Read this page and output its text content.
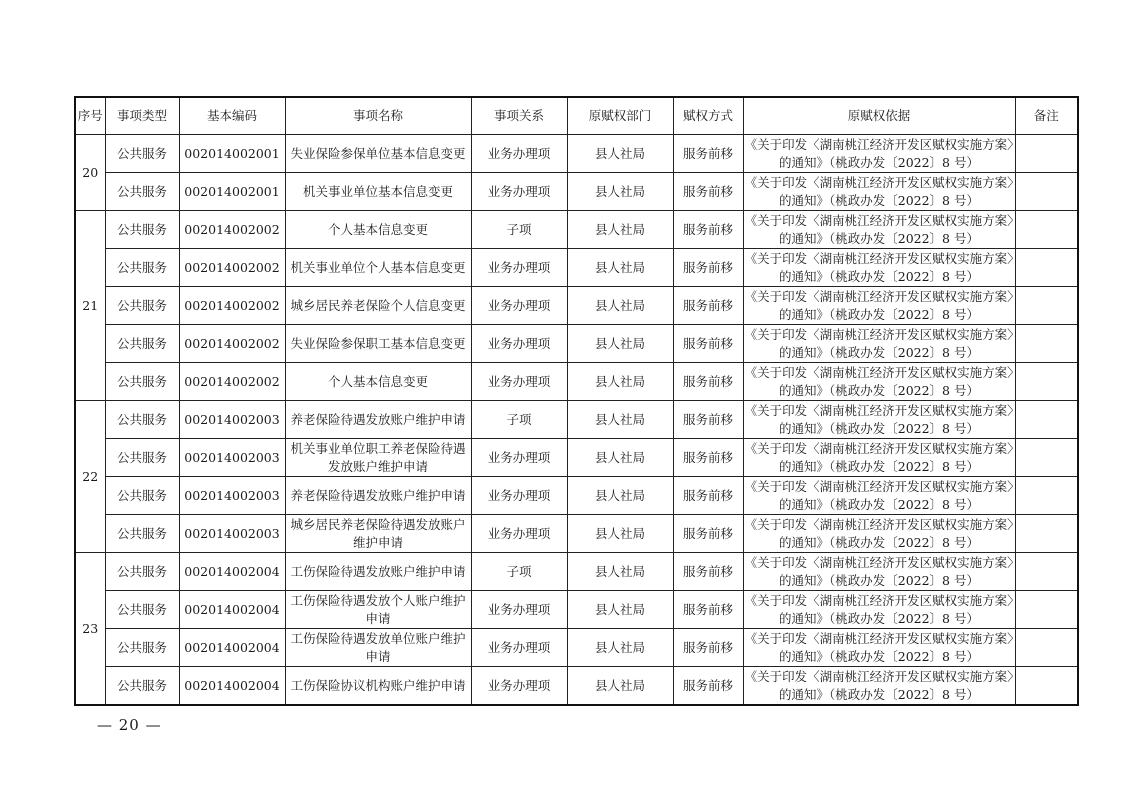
序号	事项类型	基本编码	事项名称	事项关系	原赋权部门	赋权方式	原赋权依据	备注
20	公共服务	002014002001	失业保险参保单位基本信息变更	业务办理项	县人社局	服务前移	《关于印发〈湖南桃江经济开发区赋权实施方案〉的通知》（桃政办发〔2022〕8 号）	
	公共服务	002014002001	机关事业单位基本信息变更	业务办理项	县人社局	服务前移	《关于印发〈湖南桃江经济开发区赋权实施方案〉的通知》（桃政办发〔2022〕8 号）	
21	公共服务	002014002002	个人基本信息变更	子项	县人社局	服务前移	《关于印发〈湖南桃江经济开发区赋权实施方案〉的通知》（桃政办发〔2022〕8 号）	
	公共服务	002014002002	机关事业单位个人基本信息变更	业务办理项	县人社局	服务前移	《关于印发〈湖南桃江经济开发区赋权实施方案〉的通知》（桃政办发〔2022〕8 号）	
	公共服务	002014002002	城乡居民养老保险个人信息变更	业务办理项	县人社局	服务前移	《关于印发〈湖南桃江经济开发区赋权实施方案〉的通知》（桃政办发〔2022〕8 号）	
	公共服务	002014002002	失业保险参保职工基本信息变更	业务办理项	县人社局	服务前移	《关于印发〈湖南桃江经济开发区赋权实施方案〉的通知》（桃政办发〔2022〕8 号）	
	公共服务	002014002002	个人基本信息变更	业务办理项	县人社局	服务前移	《关于印发〈湖南桃江经济开发区赋权实施方案〉的通知》（桃政办发〔2022〕8 号）	
22	公共服务	002014002003	养老保险待遇发放账户维护申请	子项	县人社局	服务前移	《关于印发〈湖南桃江经济开发区赋权实施方案〉的通知》（桃政办发〔2022〕8 号）	
	公共服务	002014002003	机关事业单位职工养老保险待遇发放账户维护申请	业务办理项	县人社局	服务前移	《关于印发〈湖南桃江经济开发区赋权实施方案〉的通知》（桃政办发〔2022〕8 号）	
	公共服务	002014002003	养老保险待遇发放账户维护申请	业务办理项	县人社局	服务前移	《关于印发〈湖南桃江经济开发区赋权实施方案〉的通知》（桃政办发〔2022〕8 号）	
	公共服务	002014002003	城乡居民养老保险待遇发放账户维护申请	业务办理项	县人社局	服务前移	《关于印发〈湖南桃江经济开发区赋权实施方案〉的通知》（桃政办发〔2022〕8 号）	
23	公共服务	002014002004	工伤保险待遇发放账户维护申请	子项	县人社局	服务前移	《关于印发〈湖南桃江经济开发区赋权实施方案〉的通知》（桃政办发〔2022〕8 号）	
	公共服务	002014002004	工伤保险待遇发放个人账户维护申请	业务办理项	县人社局	服务前移	《关于印发〈湖南桃江经济开发区赋权实施方案〉的通知》（桃政办发〔2022〕8 号）	
	公共服务	002014002004	工伤保险待遇发放单位账户维护申请	业务办理项	县人社局	服务前移	《关于印发〈湖南桃江经济开发区赋权实施方案〉的通知》（桃政办发〔2022〕8 号）	
	公共服务	002014002004	工伤保险协议机构账户维护申请	业务办理项	县人社局	服务前移	《关于印发〈湖南桃江经济开发区赋权实施方案〉的通知》（桃政办发〔2022〕8 号）	
— 20 —
